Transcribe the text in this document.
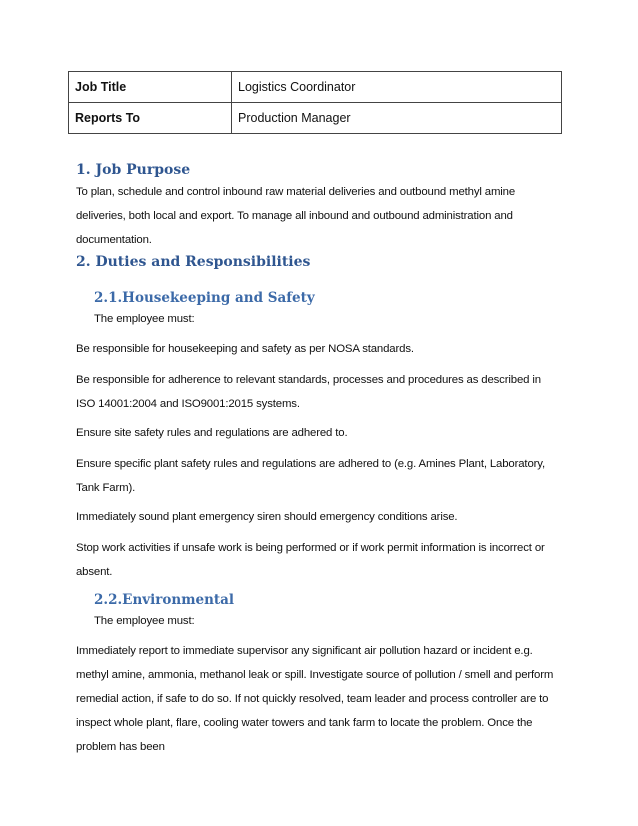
Job Title	Logistics Coordinator
Reports To	Production Manager
1. Job Purpose

To plan, schedule and control inbound raw material deliveries and outbound methyl amine deliveries, both local and export. To manage all inbound and outbound administration and documentation.

2. Duties and Responsibilities
2.1.Housekeeping and Safety

The employee must:

Be responsible for housekeeping and safety as per NOSA standards.

Be responsible for adherence to relevant standards, processes and procedures as described in ISO 14001:2004 and ISO9001:2015 systems.

Ensure site safety rules and regulations are adhered to.

Ensure specific plant safety rules and regulations are adhered to (e.g. Amines Plant, Laboratory, Tank Farm).

Immediately sound plant emergency siren should emergency conditions arise.

Stop work activities if unsafe work is being performed or if work permit information is incorrect or absent.

2.2.Environmental

The employee must:

Immediately report to immediate supervisor any significant air pollution hazard or incident e.g. methyl amine, ammonia, methanol leak or spill. Investigate source of pollution / smell and perform remedial action, if safe to do so. If not quickly resolved, team leader and process controller are to inspect whole plant, flare, cooling water towers and tank farm to locate the problem. Once the problem has been
